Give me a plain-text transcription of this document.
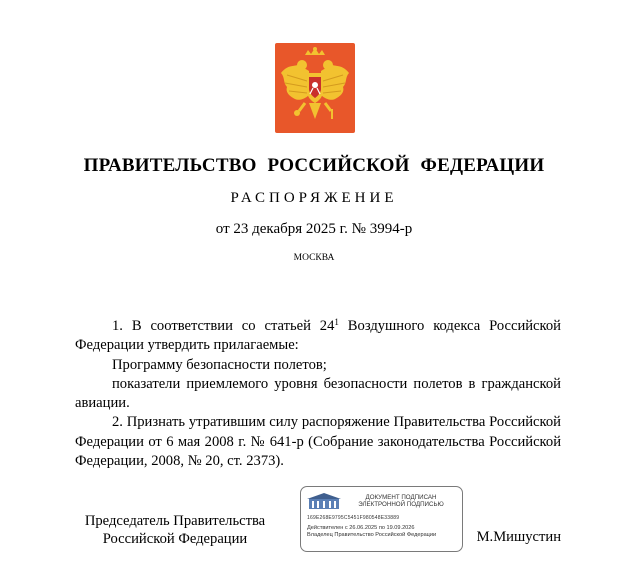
ПРАВИТЕЛЬСТВО РОССИЙСКОЙ ФЕДЕРАЦИИ
РАСПОРЯЖЕНИЕ
от 23 декабря 2025 г. № 3994-р
МОСКВА

1. В соответствии со статьей $24^1$ Воздушного кодекса Российской Федерации утвердить прилагаемые:

Программу безопасности полетов;

показатели приемлемого уровня безопасности полетов в гражданской авиации.

2. Признать утратившим силу распоряжение Правительства Российской Федерации от 6 мая 2008 г. № 641-р (Собрание законодательства Российской Федерации, 2008, № 20, ст. 2373).

Председатель Правительства
Российской Федерации
ДОКУМЕНТ ПОДПИСАН
ЭЛЕКТРОННОЙ ПОДПИСЬЮ
169E268E9795C5451F980548E33889
Действителен с 26.06.2025 по 19.09.2026
Владелец Правительство Российской Федерации	М.Мишустин
